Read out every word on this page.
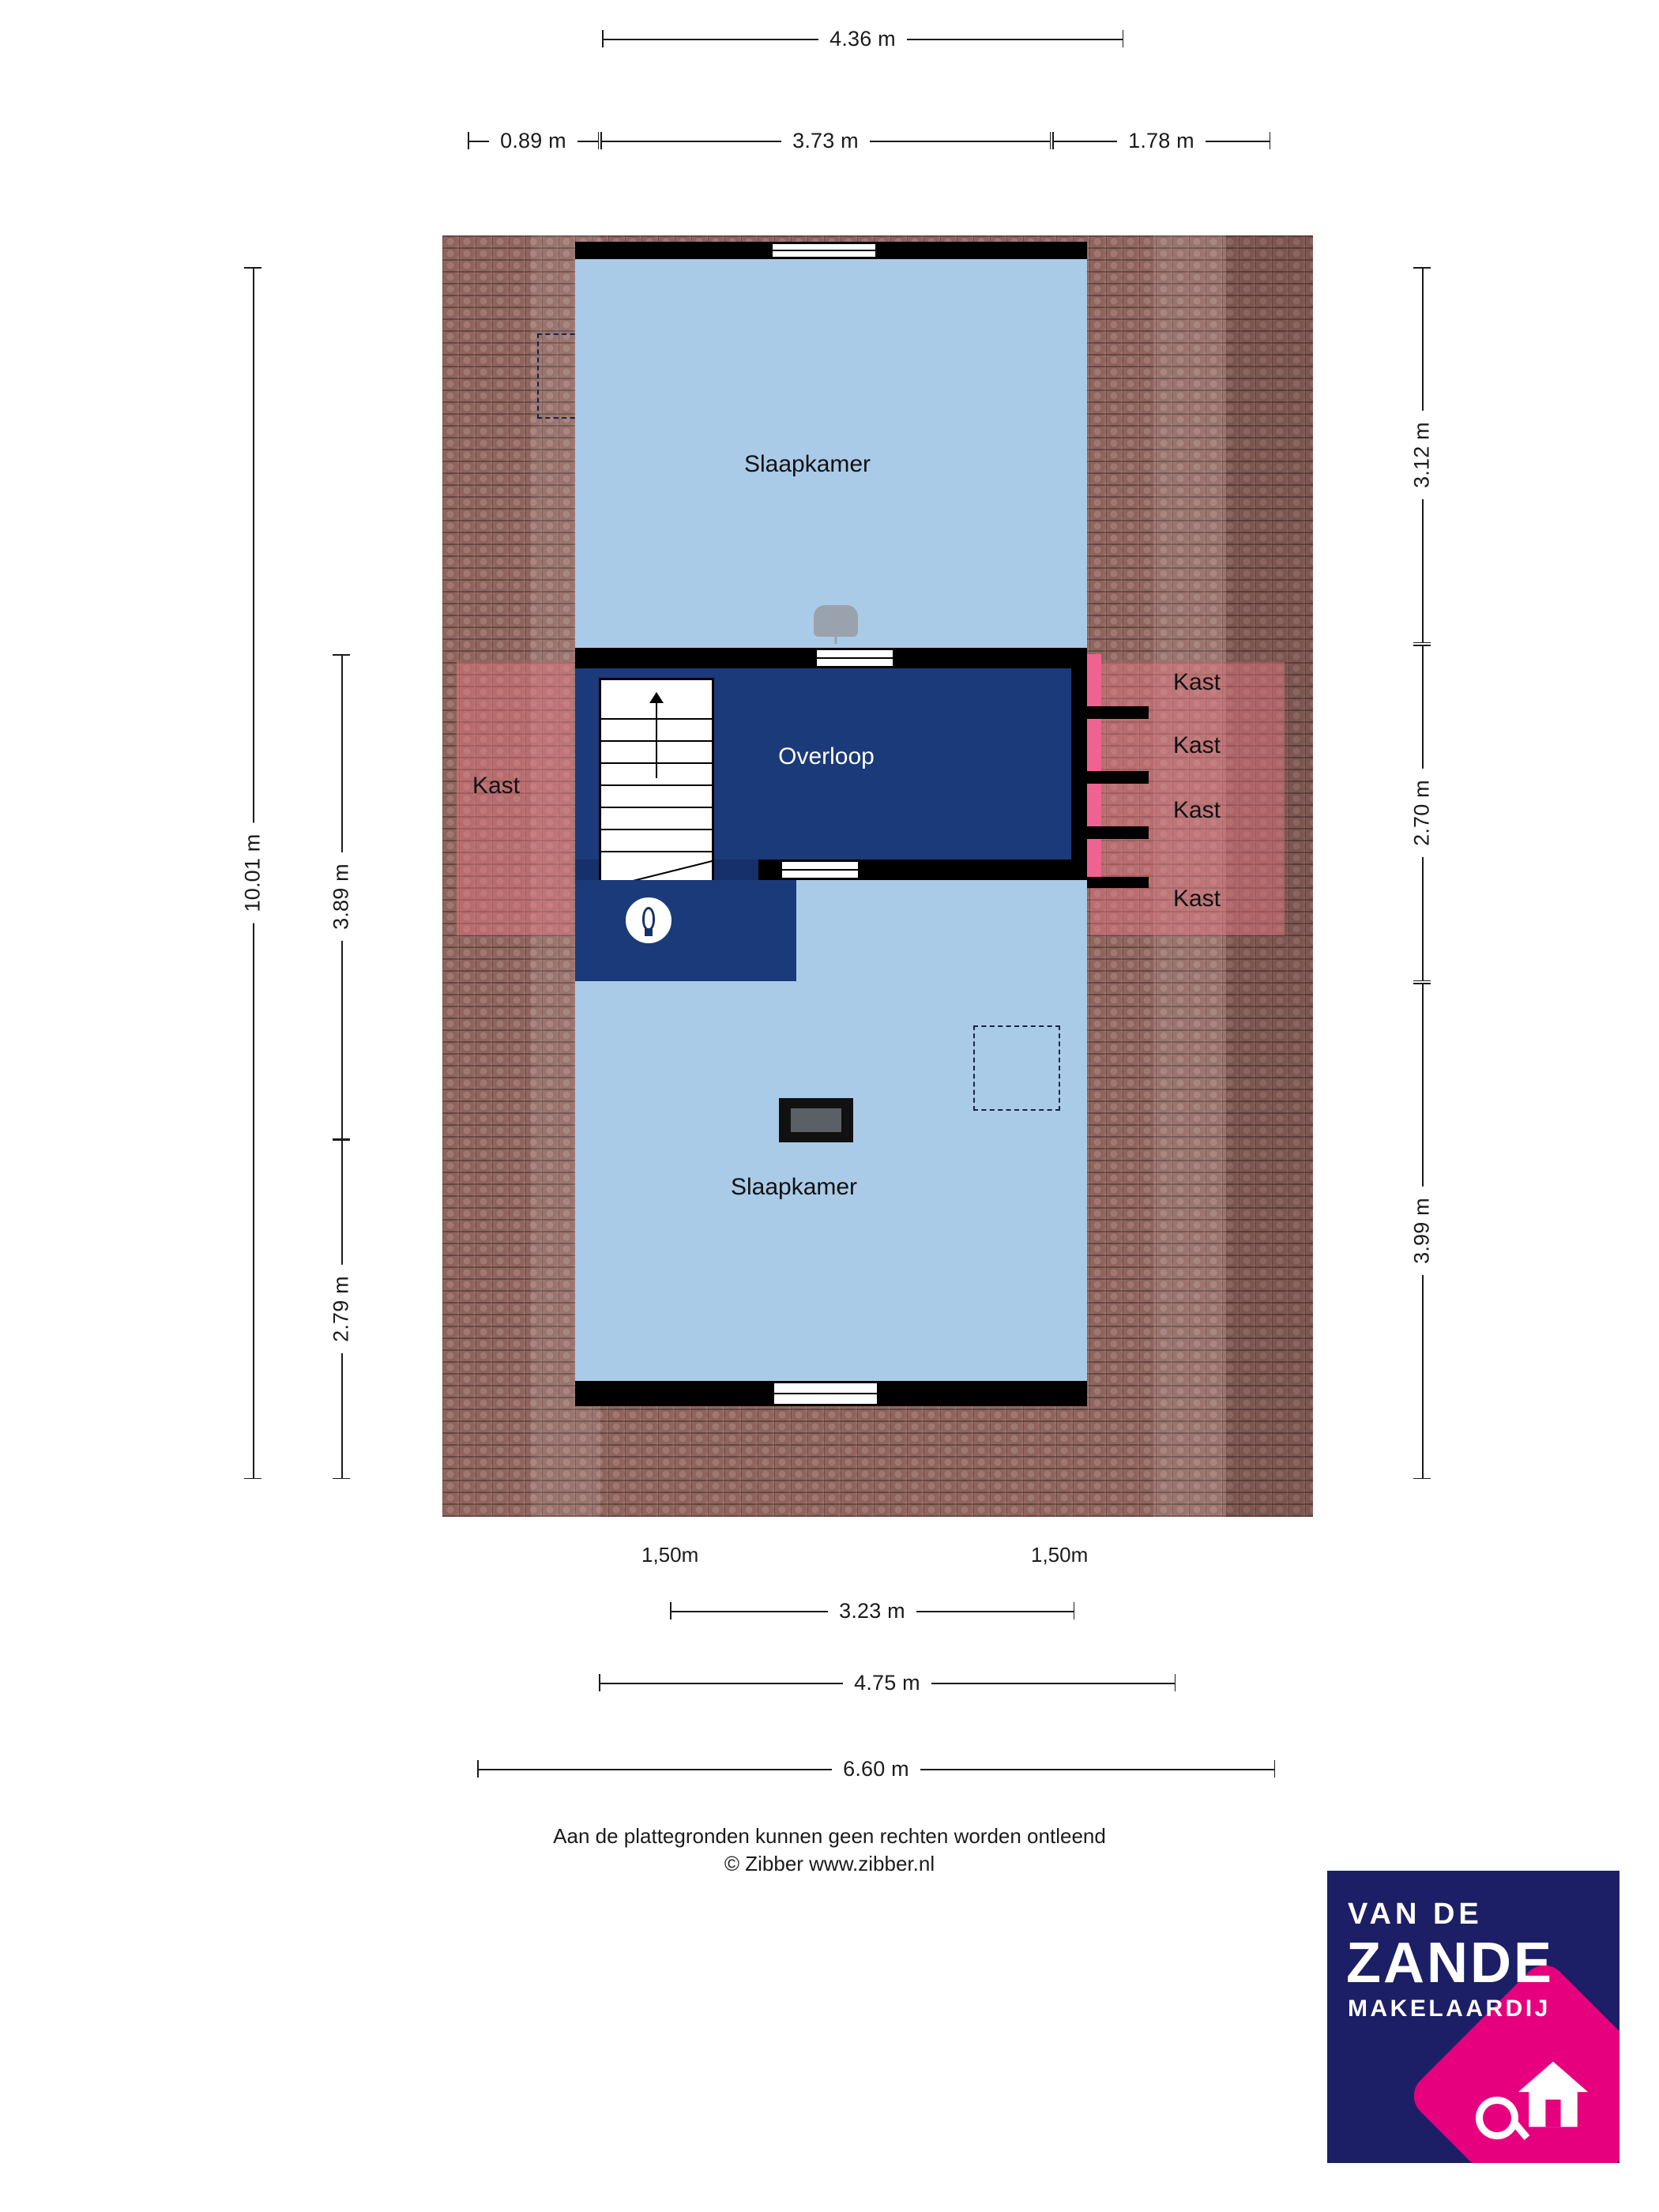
4.36 m
0.89 m	3.73 m	1.78 m
10.01 m	3.89 m
2.79 m
3.12 m
2.70 m
3.99 m
Slaapkamer
Overloop
Slaapkamer
Kast
Kast
Kast
Kast
Kast
1,50m	1,50m
3.23 m
4.75 m
6.60 m
Aan de plattegronden kunnen geen rechten worden ontleend
© Zibber www.zibber.nl
VAN DE
ZANDE
MAKELAARDIJ
